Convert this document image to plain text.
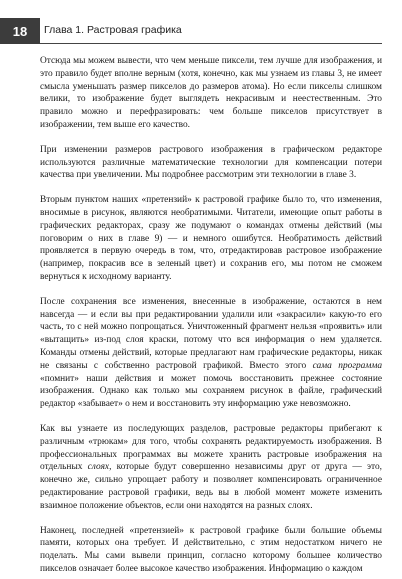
18	Глава 1. Растровая графика

Отсюда мы можем вывести, что чем меньше пиксели, тем лучше для изображения, и это правило будет вполне верным (хотя, конечно, как мы узнаем из главы 3, не имеет смысла уменьшать размер пикселов до размеров атома). Но если пикселы слишком велики, то изображение будет выглядеть некрасивым и неестественным. Это правило можно и перефразировать: чем больше пикселов присутствует в изображении, тем выше его качество.

При изменении размеров растрового изображения в графическом редакторе используются различные математические технологии для компенсации потери качества при увеличении. Мы подробнее рассмотрим эти технологии в главе 3.

Вторым пунктом наших «претензий» к растровой графике было то, что изменения, вносимые в рисунок, являются необратимыми. Читатели, имеющие опыт работы в графических редакторах, сразу же подумают о командах отмены действий (мы поговорим о них в главе 9) — и немного ошибутся. Необратимость действий проявляется в первую очередь в том, что, отредактировав растровое изображение (например, покрасив все в зеленый цвет) и сохранив его, мы потом не сможем вернуться к исходному варианту.

После сохранения все изменения, внесенные в изображение, остаются в нем навсегда — и если вы при редактировании удалили или «закрасили» какую-то его часть, то с ней можно попрощаться. Уничтоженный фрагмент нельзя «проявить» или «вытащить» из-под слоя краски, потому что вся информация о нем удаляется. Команды отмены действий, которые предлагают нам графические редакторы, никак не связаны с собственно растровой графикой. Вместо этого сама программа «помнит» наши действия и может помочь восстановить прежнее состояние изображения. Однако как только мы сохраняем рисунок в файле, графический редактор «забывает» о нем и восстановить эту информацию уже невозможно.

Как вы узнаете из последующих разделов, растровые редакторы прибегают к различным «трюкам» для того, чтобы сохранять редактируемость изображения. В профессиональных программах вы можете хранить растровые изображения на отдельных слоях, которые будут совершенно независимы друг от друга — это, конечно же, сильно упрощает работу и позволяет компенсировать ограниченное редактирование растровой графики, ведь вы в любой момент можете изменить взаимное положение объектов, если они находятся на разных слоях.

Наконец, последней «претензией» к растровой графике были большие объемы памяти, которых она требует. И действительно, с этим недостатком ничего не поделать. Мы сами вывели принцип, согласно которому большее количество пикселов означает более высокое качество изображения. Информацию о каждом
